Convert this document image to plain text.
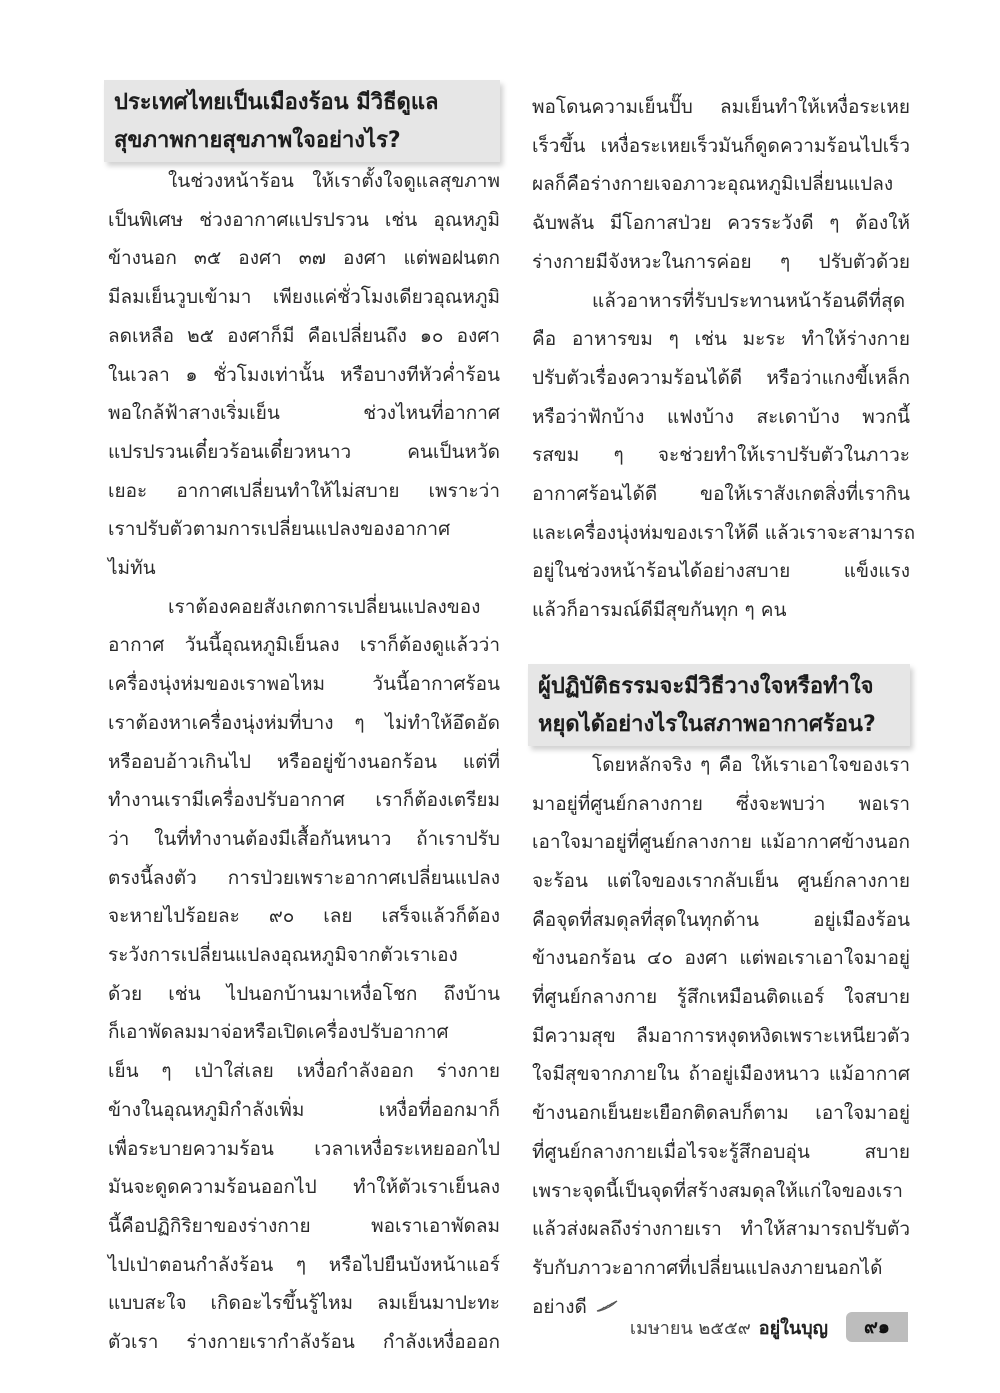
ประเทศไทยเป็นเมืองร้อน มีวิธีดูแล
สุขภาพกายสุขภาพใจอย่างไร?
ในช่วงหน้าร้อน ให้เราตั้งใจดูแลสุขภาพ
เป็นพิเศษ ช่วงอากาศแปรปรวน เช่น อุณหภูมิ
ข้างนอก ๓๕ องศา ๓๗ องศา แต่พอฝนตก
มีลมเย็นวูบเข้ามา เพียงแค่ชั่วโมงเดียวอุณหภูมิ
ลดเหลือ ๒๕ องศาก็มี คือเปลี่ยนถึง ๑๐ องศา
ในเวลา ๑ ชั่วโมงเท่านั้น หรือบางทีหัวค่ำร้อน
พอใกล้ฟ้าสางเริ่มเย็น ช่วงไหนที่อากาศ
แปรปรวนเดี๋ยวร้อนเดี๋ยวหนาว คนเป็นหวัด
เยอะ อากาศเปลี่ยนทำให้ไม่สบาย เพราะว่า
เราปรับตัวตามการเปลี่ยนแปลงของอากาศ
ไม่ทัน
เราต้องคอยสังเกตการเปลี่ยนแปลงของ
อากาศ วันนี้อุณหภูมิเย็นลง เราก็ต้องดูแล้วว่า
เครื่องนุ่งห่มของเราพอไหม วันนี้อากาศร้อน
เราต้องหาเครื่องนุ่งห่มที่บาง ๆ ไม่ทำให้อึดอัด
หรืออบอ้าวเกินไป หรืออยู่ข้างนอกร้อน แต่ที่
ทำงานเรามีเครื่องปรับอากาศ เราก็ต้องเตรียม
ว่า ในที่ทำงานต้องมีเสื้อกันหนาว ถ้าเราปรับ
ตรงนี้ลงตัว การป่วยเพราะอากาศเปลี่ยนแปลง
จะหายไปร้อยละ ๙๐ เลย เสร็จแล้วก็ต้อง
ระวังการเปลี่ยนแปลงอุณหภูมิจากตัวเราเอง
ด้วย เช่น ไปนอกบ้านมาเหงื่อโชก ถึงบ้าน
ก็เอาพัดลมมาจ่อหรือเปิดเครื่องปรับอากาศ
เย็น ๆ เป่าใส่เลย เหงื่อกำลังออก ร่างกาย
ข้างในอุณหภูมิกำลังเพิ่ม เหงื่อที่ออกมาก็
เพื่อระบายความร้อน เวลาเหงื่อระเหยออกไป
มันจะดูดความร้อนออกไป ทำให้ตัวเราเย็นลง
นี้คือปฏิกิริยาของร่างกาย พอเราเอาพัดลม
ไปเป่าตอนกำลังร้อน ๆ หรือไปยืนบังหน้าแอร์
แบบสะใจ เกิดอะไรขึ้นรู้ไหม ลมเย็นมาปะทะ
ตัวเรา ร่างกายเรากำลังร้อน กำลังเหงื่อออก
พอโดนความเย็นปั๊บ ลมเย็นทำให้เหงื่อระเหย
เร็วขึ้น เหงื่อระเหยเร็วมันก็ดูดความร้อนไปเร็ว
ผลก็คือร่างกายเจอภาวะอุณหภูมิเปลี่ยนแปลง
ฉับพลัน มีโอกาสป่วย ควรระวังดี ๆ ต้องให้
ร่างกายมีจังหวะในการค่อย ๆ ปรับตัวด้วย
แล้วอาหารที่รับประทานหน้าร้อนดีที่สุด
คือ อาหารขม ๆ เช่น มะระ ทำให้ร่างกาย
ปรับตัวเรื่องความร้อนได้ดี หรือว่าแกงขี้เหล็ก
หรือว่าฟักบ้าง แฟงบ้าง สะเดาบ้าง พวกนี้
รสขม ๆ จะช่วยทำให้เราปรับตัวในภาวะ
อากาศร้อนได้ดี ขอให้เราสังเกตสิ่งที่เรากิน
และเครื่องนุ่งห่มของเราให้ดี แล้วเราจะสามารถ
อยู่ในช่วงหน้าร้อนได้อย่างสบาย แข็งแรง
แล้วก็อารมณ์ดีมีสุขกันทุก ๆ คน
ผู้ปฏิบัติธรรมจะมีวิธีวางใจหรือทำใจ
หยุดได้อย่างไรในสภาพอากาศร้อน?
โดยหลักจริง ๆ คือ ให้เราเอาใจของเรา
มาอยู่ที่ศูนย์กลางกาย ซึ่งจะพบว่า พอเรา
เอาใจมาอยู่ที่ศูนย์กลางกาย แม้อากาศข้างนอก
จะร้อน แต่ใจของเรากลับเย็น ศูนย์กลางกาย
คือจุดที่สมดุลที่สุดในทุกด้าน อยู่เมืองร้อน
ข้างนอกร้อน ๔๐ องศา แต่พอเราเอาใจมาอยู่
ที่ศูนย์กลางกาย รู้สึกเหมือนติดแอร์ ใจสบาย
มีความสุข ลืมอาการหงุดหงิดเพราะเหนียวตัว
ใจมีสุขจากภายใน ถ้าอยู่เมืองหนาว แม้อากาศ
ข้างนอกเย็นยะเยือกติดลบก็ตาม เอาใจมาอยู่
ที่ศูนย์กลางกายเมื่อไรจะรู้สึกอบอุ่น สบาย
เพราะจุดนี้เป็นจุดที่สร้างสมดุลให้แก่ใจของเรา
แล้วส่งผลถึงร่างกายเรา ทำให้สามารถปรับตัว
รับกับภาวะอากาศที่เปลี่ยนแปลงภายนอกได้
อย่างดี
เมษายน ๒๕๕๙ อยู่ในบุญ	๙๑
